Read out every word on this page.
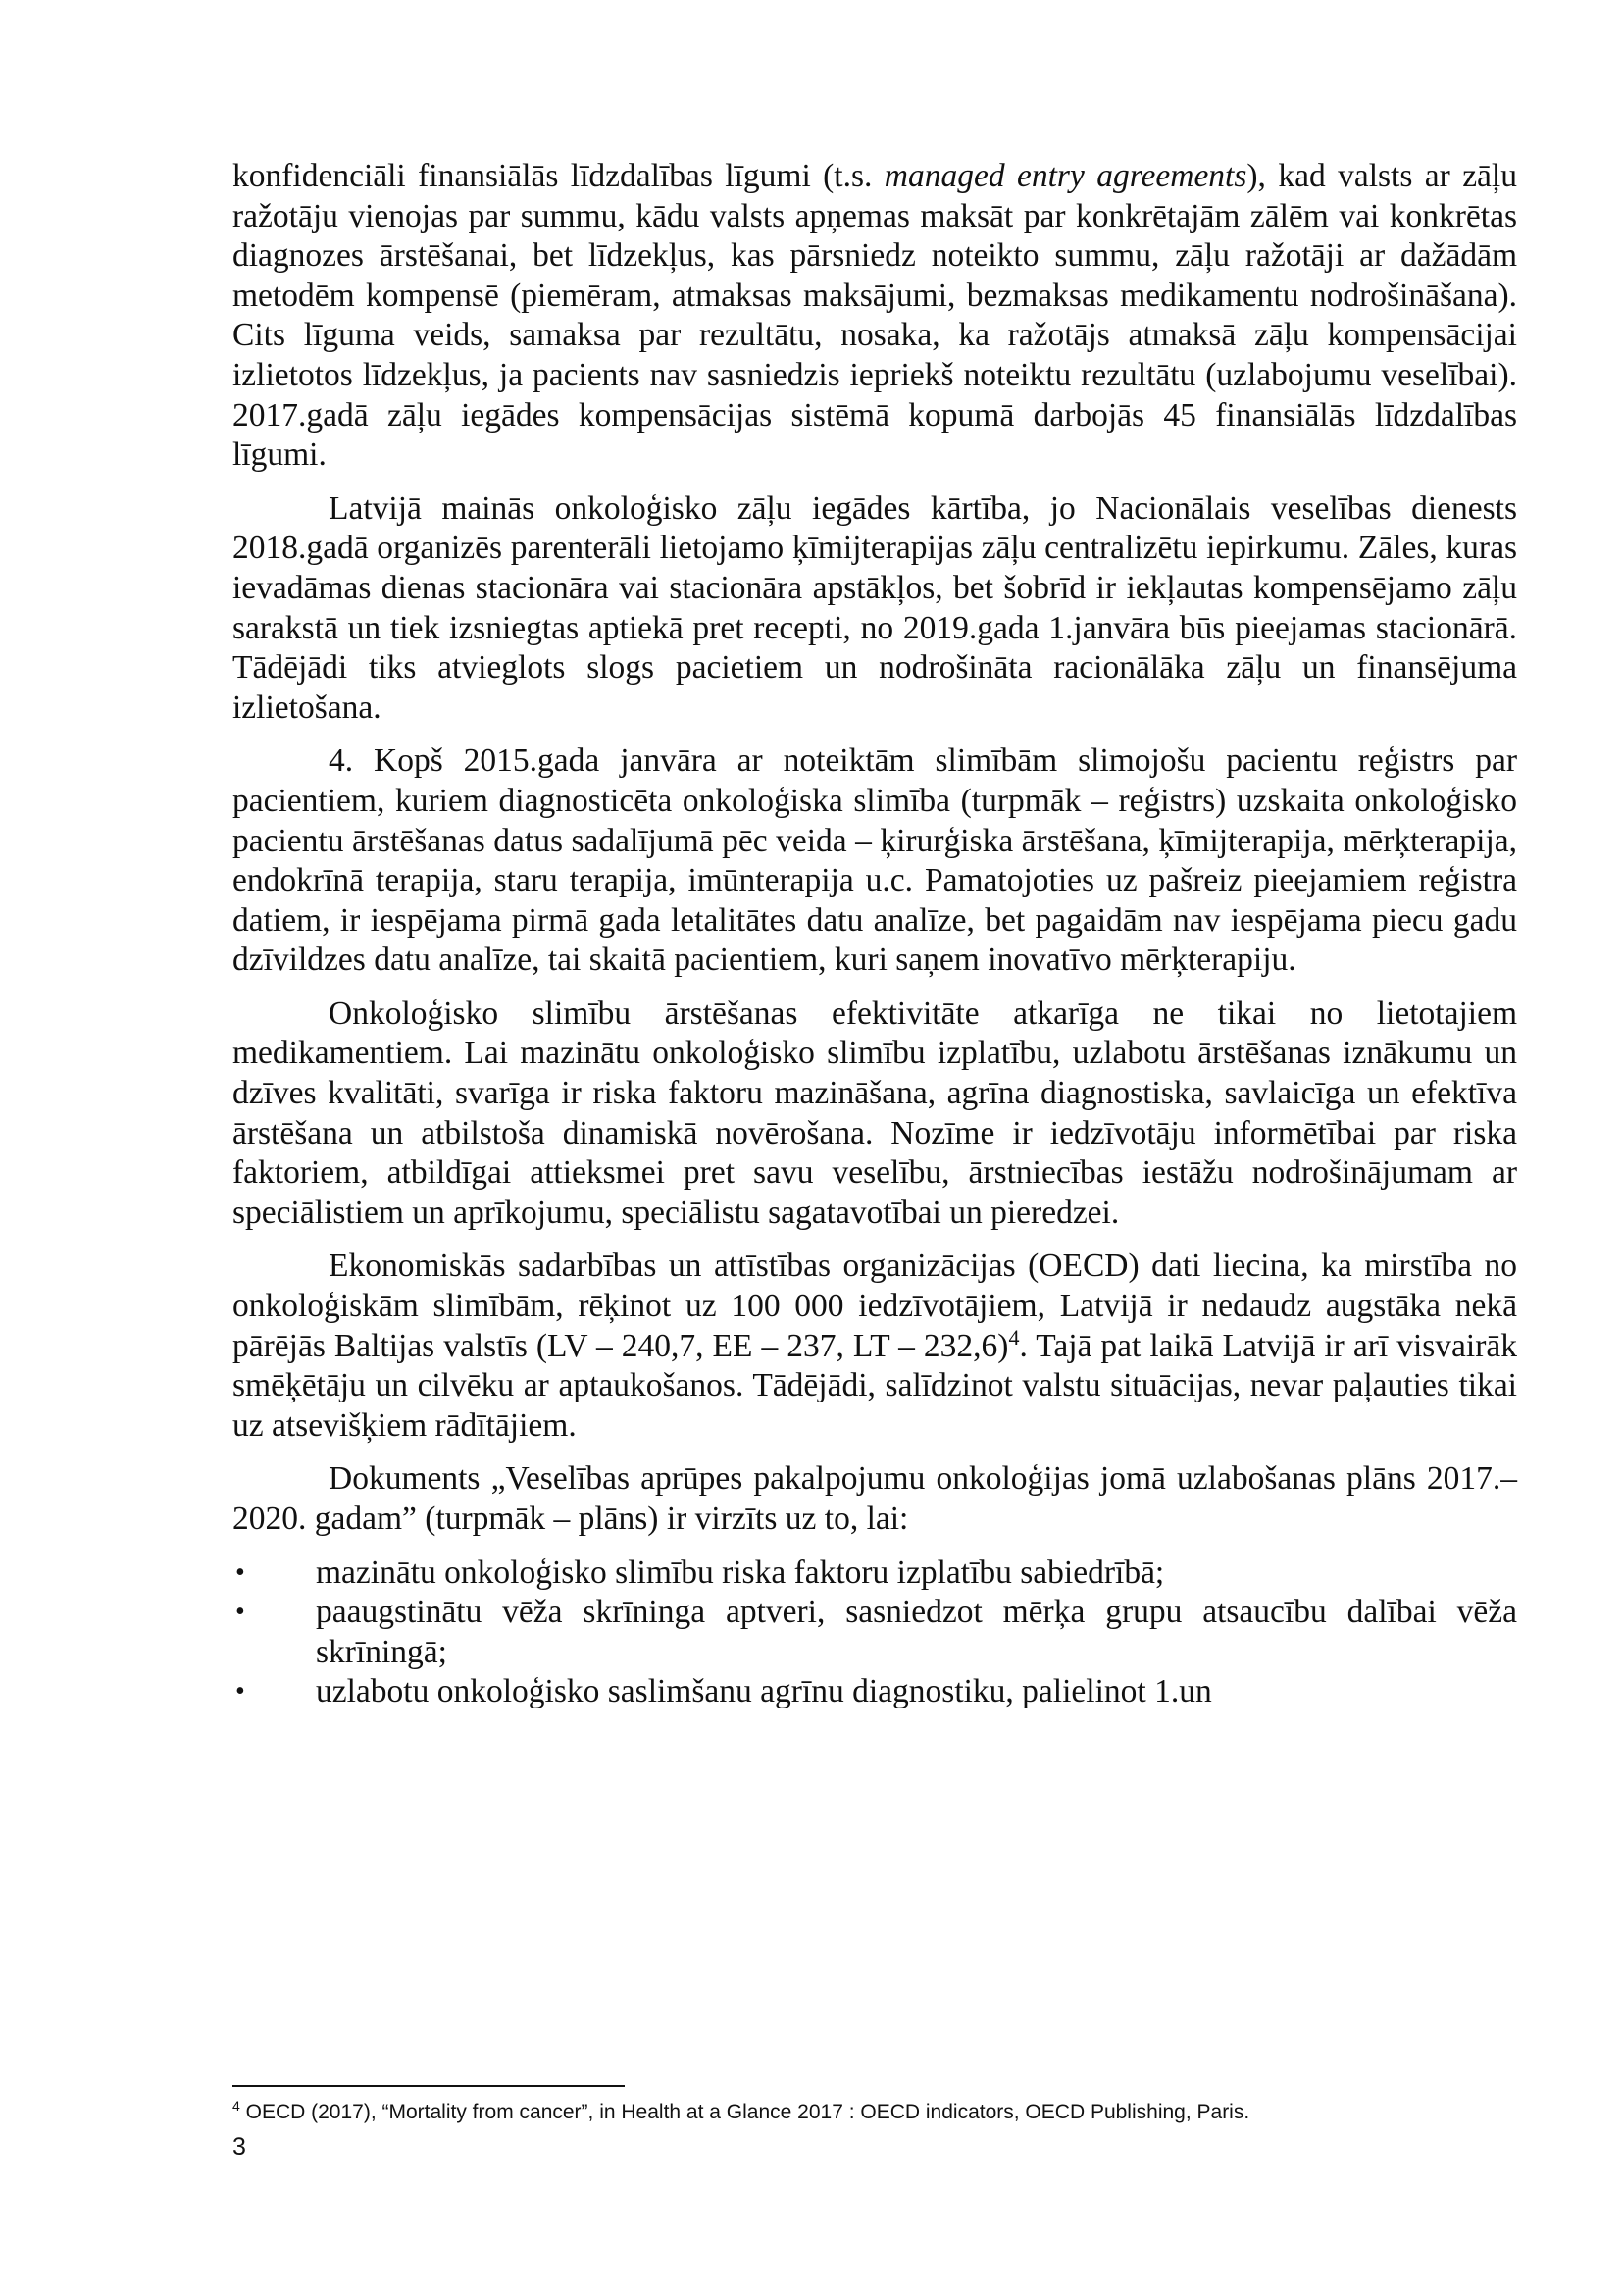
konfidenciāli finansiālās līdzdalības līgumi (t.s. managed entry agreements), kad valsts ar zāļu ražotāju vienojas par summu, kādu valsts apņemas maksāt par konkrētajām zālēm vai konkrētas diagnozes ārstēšanai, bet līdzekļus, kas pārsniedz noteikto summu, zāļu ražotāji ar dažādām metodēm kompensē (piemēram, atmaksas maksājumi, bezmaksas medikamentu nodrošināšana). Cits līguma veids, samaksa par rezultātu, nosaka, ka ražotājs atmaksā zāļu kompensācijai izlietotos līdzekļus, ja pacients nav sasniedzis iepriekš noteiktu rezultātu (uzlabojumu veselībai). 2017.gadā zāļu iegādes kompensācijas sistēmā kopumā darbojās 45 finansiālās līdzdalības līgumi.

Latvijā mainās onkoloģisko zāļu iegādes kārtība, jo Nacionālais veselības dienests 2018.gadā organizēs parenterāli lietojamo ķīmijterapijas zāļu centralizētu iepirkumu. Zāles, kuras ievadāmas dienas stacionāra vai stacionāra apstākļos, bet šobrīd ir iekļautas kompensējamo zāļu sarakstā un tiek izsniegtas aptiekā pret recepti, no 2019.gada 1.janvāra būs pieejamas stacionārā. Tādējādi tiks atvieglots slogs pacietiem un nodrošināta racionālāka zāļu un finansējuma izlietošana.

4. Kopš 2015.gada janvāra ar noteiktām slimībām slimojošu pacientu reģistrs par pacientiem, kuriem diagnosticēta onkoloģiska slimība (turpmāk – reģistrs) uzskaita onkoloģisko pacientu ārstēšanas datus sadalījumā pēc veida – ķirurģiska ārstēšana, ķīmijterapija, mērķterapija, endokrīnā terapija, staru terapija, imūnterapija u.c. Pamatojoties uz pašreiz pieejamiem reģistra datiem, ir iespējama pirmā gada letalitātes datu analīze, bet pagaidām nav iespējama piecu gadu dzīvildzes datu analīze, tai skaitā pacientiem, kuri saņem inovatīvo mērķterapiju.

Onkoloģisko slimību ārstēšanas efektivitāte atkarīga ne tikai no lietotajiem medikamentiem. Lai mazinātu onkoloģisko slimību izplatību, uzlabotu ārstēšanas iznākumu un dzīves kvalitāti, svarīga ir riska faktoru mazināšana, agrīna diagnostiska, savlaicīga un efektīva ārstēšana un atbilstoša dinamiskā novērošana. Nozīme ir iedzīvotāju informētībai par riska faktoriem, atbildīgai attieksmei pret savu veselību, ārstniecības iestāžu nodrošinājumam ar speciālistiem un aprīkojumu, speciālistu sagatavotībai un pieredzei.

Ekonomiskās sadarbības un attīstības organizācijas (OECD) dati liecina, ka mirstība no onkoloģiskām slimībām, rēķinot uz 100 000 iedzīvotājiem, Latvijā ir nedaudz augstāka nekā pārējās Baltijas valstīs (LV – 240,7, EE – 237, LT – 232,6)$^4$. Tajā pat laikā Latvijā ir arī visvairāk smēķētāju un cilvēku ar aptaukošanos. Tādējādi, salīdzinot valstu situācijas, nevar paļauties tikai uz atsevišķiem rādītājiem.

Dokuments „Veselības aprūpes pakalpojumu onkoloģijas jomā uzlabošanas plāns 2017.–2020. gadam” (turpmāk – plāns) ir virzīts uz to, lai:

• mazinātu onkoloģisko slimību riska faktoru izplatību sabiedrībā;
• paaugstinātu vēža skrīninga aptveri, sasniedzot mērķa grupu atsaucību dalībai vēža skrīningā;
• uzlabotu onkoloģisko saslimšanu agrīnu diagnostiku, palielinot 1.un
$^4$ OECD (2017), “Mortality from cancer”, in Health at a Glance 2017 : OECD indicators, OECD Publishing, Paris.
3
